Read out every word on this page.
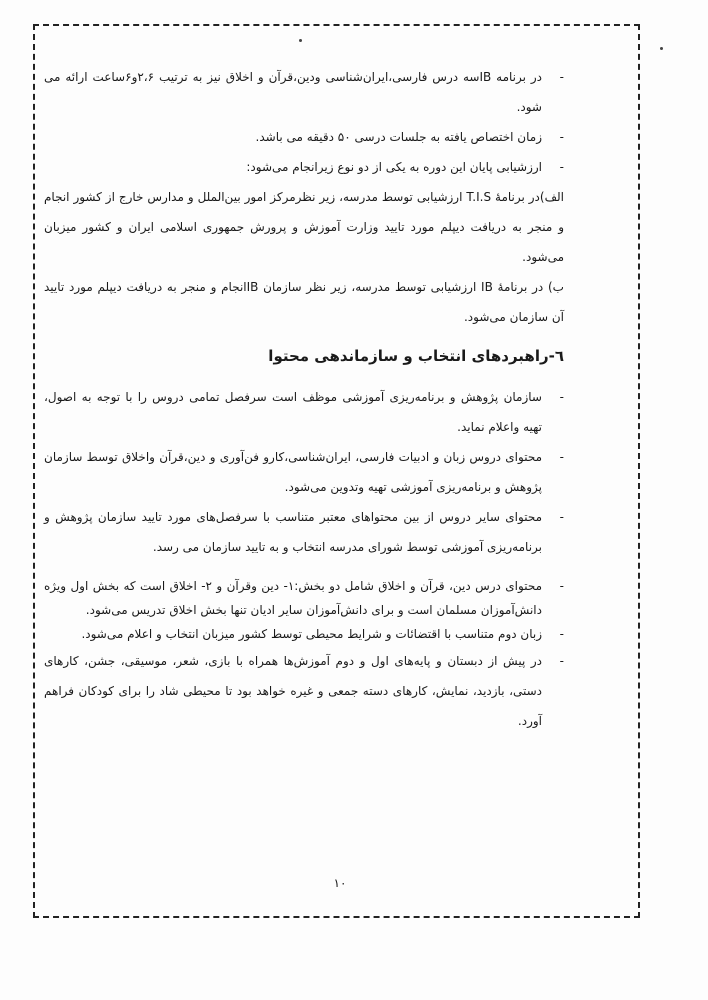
- در برنامه IBسه درس فارسی،ایران‌شناسی ودین،قرآن و اخلاق نیز به ترتیب ۲،۶و۶ساعت ارائه می شود.

- زمان اختصاص یافته به جلسات درسی ۵۰ دقیقه می باشد.

- ارزشیابی پایان این دوره به یکی از دو نوع زیرانجام می‌شود:

الف)در برنامهٔ T.I.S ارزشیابی توسط مدرسه، زیر نظرمرکز امور بین‌الملل و مدارس خارج از کشور انجام و منجر به دریافت دیپلم مورد تایید وزارت آموزش و پرورش جمهوری اسلامی ایران و کشور میزبان می‌شود.

ب) در برنامهٔ IB ارزشیابی توسط مدرسه، زیر نظر سازمان IBانجام و منجر به دریافت دیپلم مورد تایید آن سازمان می‌شود.

٦-راهبردهای انتخاب و سازماندهی محتوا

- سازمان پژوهش و برنامه‌ریزی آموزشی موظف است سرفصل تمامی دروس را با توجه به اصول، تهیه واعلام نماید.

- محتوای دروس زبان و ادبیات فارسی، ایران‌شناسی،کارو فن‌آوری و دین،قرآن واخلاق توسط سازمان پژوهش و برنامه‌ریزی آموزشی تهیه وتدوین می‌شود.

- محتوای سایر دروس از بین محتواهای معتبر متناسب با سرفصل‌های مورد تایید سازمان پژوهش و برنامه‌ریزی آموزشی توسط شورای مدرسه انتخاب و به تایید سازمان می رسد.

- محتوای درس دین، قرآن و اخلاق شامل دو بخش:۱- دین وقرآن و ۲- اخلاق است که بخش اول ویژه دانش‌آموزان مسلمان است و برای دانش‌آموزان سایر ادیان تنها بخش اخلاق تدریس می‌شود.

- زبان دوم متناسب با اقتضائات و شرایط محیطی توسط کشور میزبان انتخاب و اعلام می‌شود.

- در پیش از دبستان و پایه‌های اول و دوم آموزش‌ها همراه با بازی، شعر، موسیقی، جشن، کارهای دستی، بازدید، نمایش، کارهای دسته جمعی و غیره خواهد بود تا محیطی شاد را برای کودکان فراهم آورد.

۱۰
